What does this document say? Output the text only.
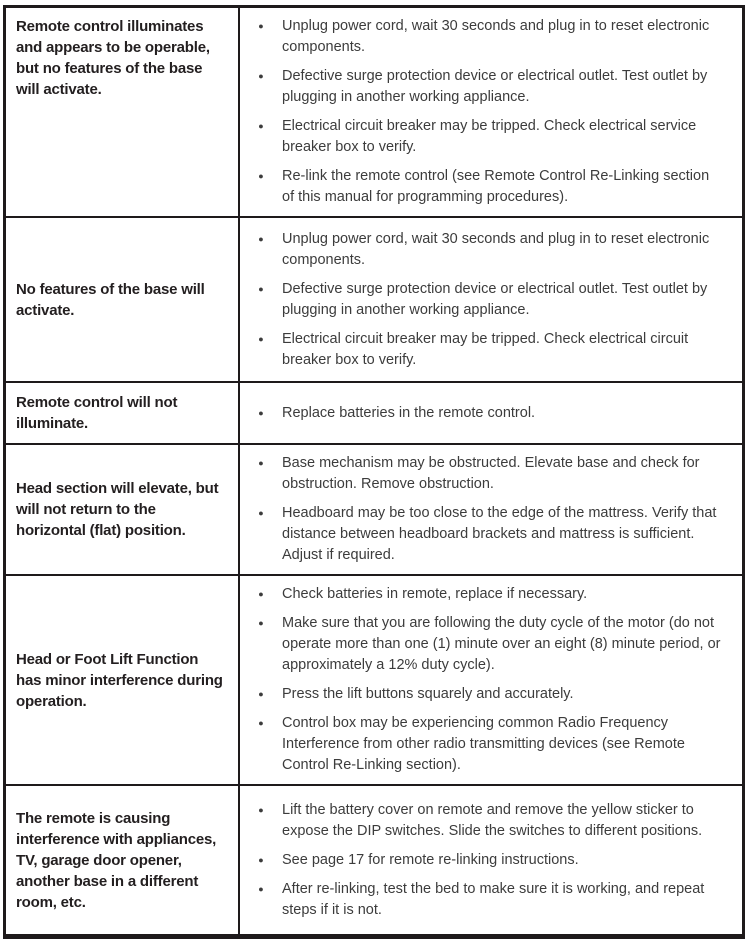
Remote control illuminates and appears to be operable, but no features of the base will activate.

●	Unplug power cord, wait 30 seconds and plug in to reset electronic components.
●	Defective surge protection device or electrical outlet. Test outlet by plugging in another working appliance.
●	Electrical circuit breaker may be tripped. Check electrical service breaker box to verify.
●	Re-link the remote control (see Remote Control Re-Linking section of this manual for programming procedures).

No features of the base will activate.

●	Unplug power cord, wait 30 seconds and plug in to reset electronic components.
●	Defective surge protection device or electrical outlet. Test outlet by plugging in another working appliance.
●	Electrical circuit breaker may be tripped. Check electrical circuit breaker box to verify.

Remote control will not illuminate.

●	Replace batteries in the remote control.

Head section will elevate, but will not return to the horizontal (flat) position.

●	Base mechanism may be obstructed. Elevate base and check for obstruction. Remove obstruction.
●	Headboard may be too close to the edge of the mattress. Verify that distance between headboard brackets and mattress is sufficient. Adjust if required.

Head or Foot Lift Function has minor interference during operation.

●	Check batteries in remote, replace if necessary.
●	Make sure that you are following the duty cycle of the motor (do not operate more than one (1) minute over an eight (8) minute period, or approximately a 12% duty cycle).
●	Press the lift buttons squarely and accurately.
●	Control box may be experiencing common Radio Frequency Interference from other radio transmitting devices (see Remote Control Re-Linking section).

The remote is causing interference with appliances, TV, garage door opener, another base in a different room, etc.

●	Lift the battery cover on remote and remove the yellow sticker to expose the DIP switches. Slide the switches to different positions.
●	See page 17 for remote re-linking instructions.
●	After re-linking, test the bed to make sure it is working, and repeat steps if it is not.
